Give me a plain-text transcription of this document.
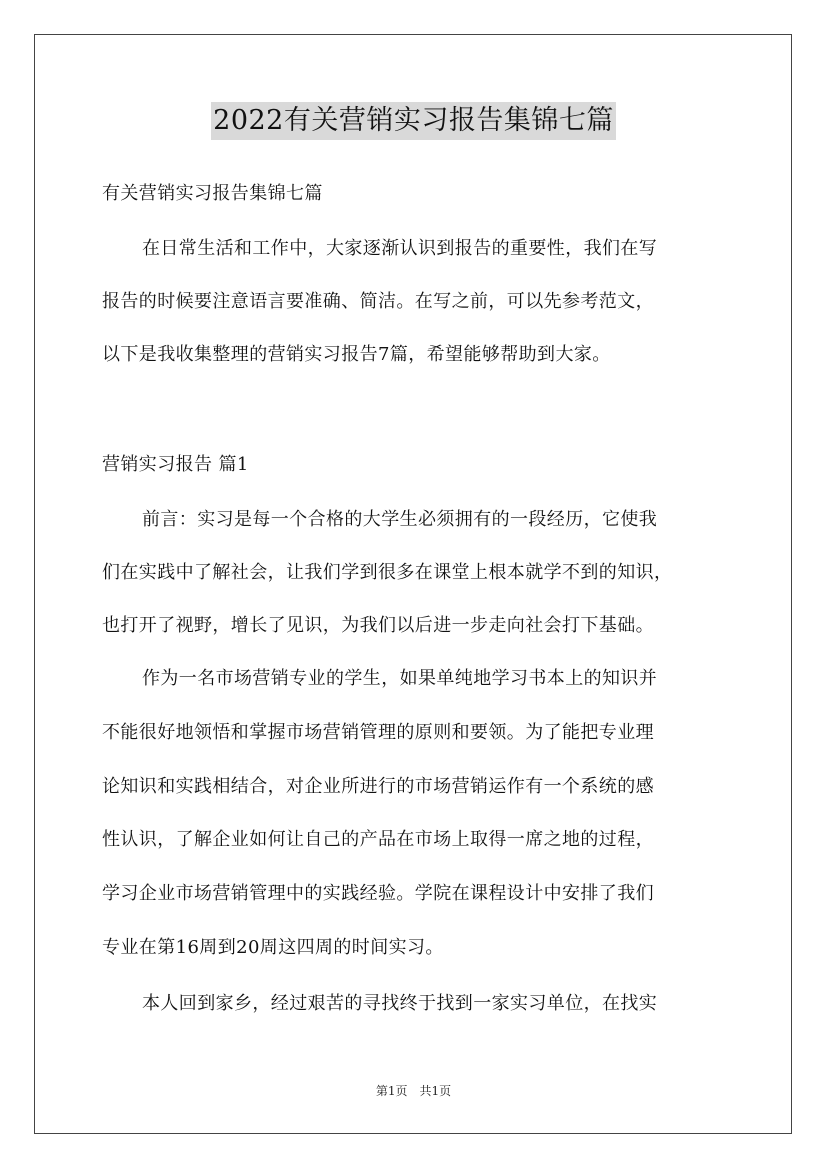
2022有关营销实习报告集锦七篇
有关营销实习报告集锦七篇
在日常生活和工作中，大家逐渐认识到报告的重要性，我们在写
报告的时候要注意语言要准确、简洁。在写之前，可以先参考范文，
以下是我收集整理的营销实习报告7篇，希望能够帮助到大家。
营销实习报告 篇1
前言：实习是每一个合格的大学生必须拥有的一段经历，它使我
们在实践中了解社会，让我们学到很多在课堂上根本就学不到的知识，
也打开了视野，增长了见识，为我们以后进一步走向社会打下基础。
作为一名市场营销专业的学生，如果单纯地学习书本上的知识并
不能很好地领悟和掌握市场营销管理的原则和要领。为了能把专业理
论知识和实践相结合，对企业所进行的市场营销运作有一个系统的感
性认识，了解企业如何让自己的产品在市场上取得一席之地的过程，
学习企业市场营销管理中的实践经验。学院在课程设计中安排了我们
专业在第16周到20周这四周的时间实习。
本人回到家乡，经过艰苦的寻找终于找到一家实习单位，在找实
第1页　共1页
